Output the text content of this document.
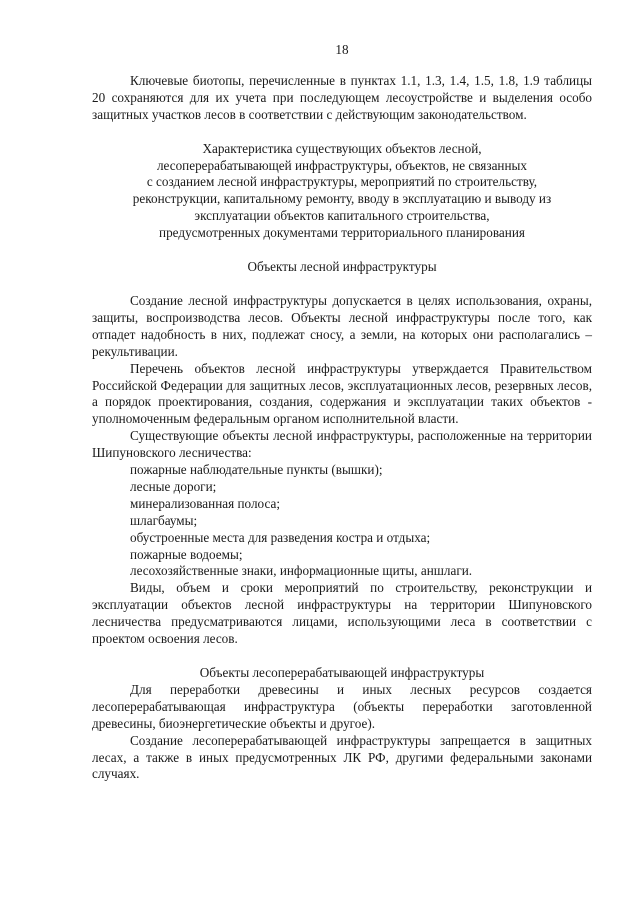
18

Ключевые биотопы, перечисленные в пунктах 1.1, 1.3, 1.4, 1.5, 1.8, 1.9 таблицы 20 сохраняются для их учета при последующем лесоустройстве и выделения особо защитных участков лесов в соответствии с действующим законодательством.

Характеристика существующих объектов лесной,
лесоперерабатывающей инфраструктуры, объектов, не связанных
с созданием лесной инфраструктуры, мероприятий по строительству,
реконструкции, капитальному ремонту, вводу в эксплуатацию и выводу из
эксплуатации объектов капитального строительства,
предусмотренных документами территориального планирования
Объекты лесной инфраструктуры

Создание лесной инфраструктуры допускается в целях использования, охраны, защиты, воспроизводства лесов. Объекты лесной инфраструктуры после того, как отпадет надобность в них, подлежат сносу, а земли, на которых они располагались – рекультивации.

Перечень объектов лесной инфраструктуры утверждается Правительством Российской Федерации для защитных лесов, эксплуатационных лесов, резервных лесов, а порядок проектирования, создания, содержания и эксплуатации таких объектов - уполномоченным федеральным органом исполнительной власти.

Существующие объекты лесной инфраструктуры, расположенные на территории Шипуновского лесничества:

пожарные наблюдательные пункты (вышки);
лесные дороги;
минерализованная полоса;
шлагбаумы;
обустроенные места для разведения костра и отдыха;
пожарные водоемы;
лесохозяйственные знаки, информационные щиты, аншлаги.

Виды, объем и сроки мероприятий по строительству, реконструкции и эксплуатации объектов лесной инфраструктуры на территории Шипуновского лесничества предусматриваются лицами, использующими леса в соответствии с проектом освоения лесов.

Объекты лесоперерабатывающей инфраструктуры

Для переработки древесины и иных лесных ресурсов создается лесоперерабатывающая инфраструктура (объекты переработки заготовленной древесины, биоэнергетические объекты и другое).

Создание лесоперерабатывающей инфраструктуры запрещается в защитных лесах, а также в иных предусмотренных ЛК РФ, другими федеральными законами случаях.
